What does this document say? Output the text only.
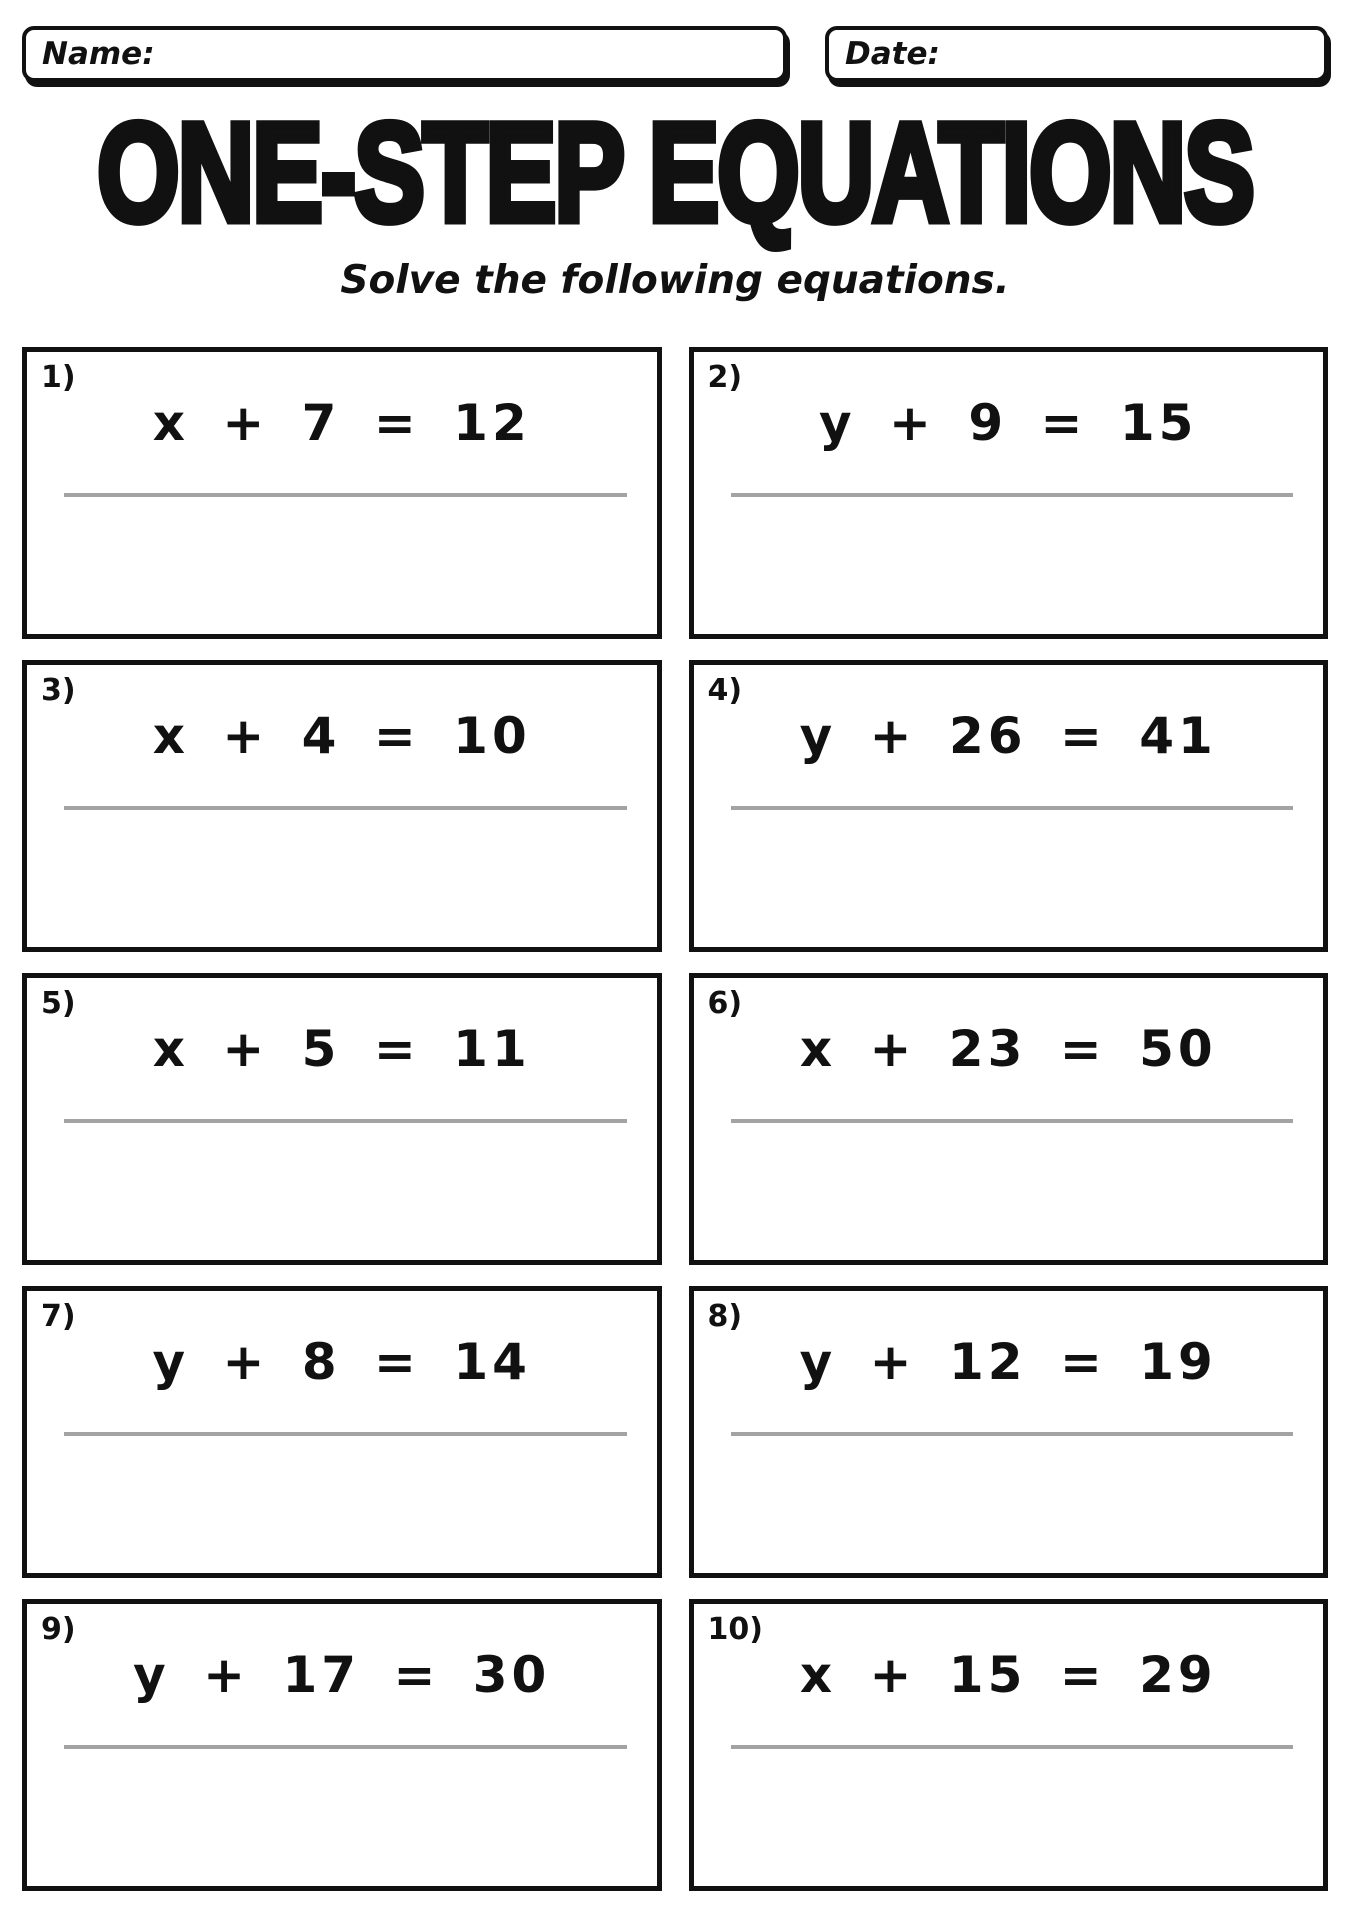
Name:	Date:
ONE-STEP EQUATIONS
Solve the following equations.
1)
x + 7 = 12
2)
y + 9 = 15
3)
x + 4 = 10
4)
y + 26 = 41
5)
x + 5 = 11
6)
x + 23 = 50
7)
y + 8 = 14
8)
y + 12 = 19
9)
y + 17 = 30
10)
x + 15 = 29
